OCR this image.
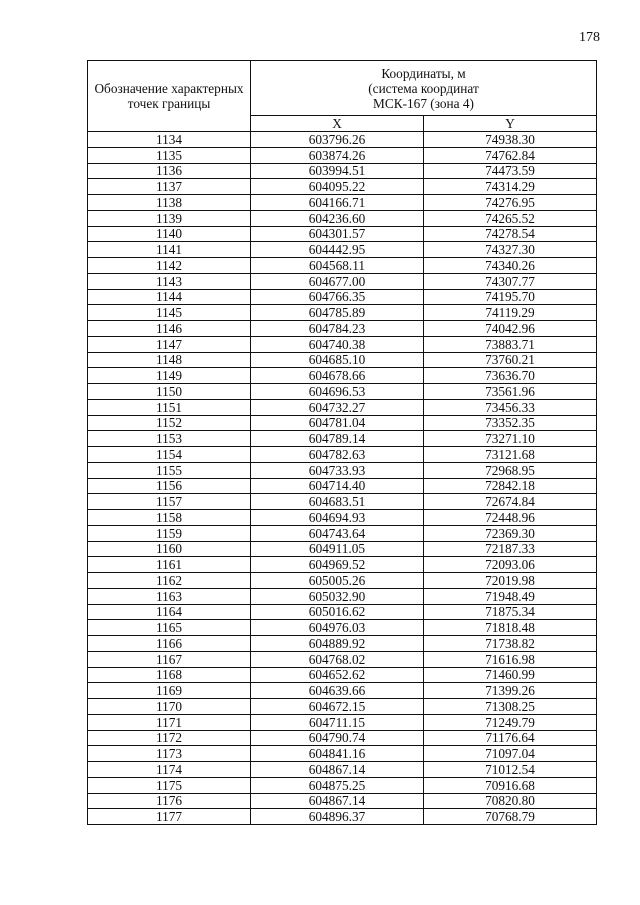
178
Обозначение характерных точек границы	Координаты, м
(система координат
МСК-167 (зона 4)	

	X	Y
1134	603796.26	74938.30
1135	603874.26	74762.84
1136	603994.51	74473.59
1137	604095.22	74314.29
1138	604166.71	74276.95
1139	604236.60	74265.52
1140	604301.57	74278.54
1141	604442.95	74327.30
1142	604568.11	74340.26
1143	604677.00	74307.77
1144	604766.35	74195.70
1145	604785.89	74119.29
1146	604784.23	74042.96
1147	604740.38	73883.71
1148	604685.10	73760.21
1149	604678.66	73636.70
1150	604696.53	73561.96
1151	604732.27	73456.33
1152	604781.04	73352.35
1153	604789.14	73271.10
1154	604782.63	73121.68
1155	604733.93	72968.95
1156	604714.40	72842.18
1157	604683.51	72674.84
1158	604694.93	72448.96
1159	604743.64	72369.30
1160	604911.05	72187.33
1161	604969.52	72093.06
1162	605005.26	72019.98
1163	605032.90	71948.49
1164	605016.62	71875.34
1165	604976.03	71818.48
1166	604889.92	71738.82
1167	604768.02	71616.98
1168	604652.62	71460.99
1169	604639.66	71399.26
1170	604672.15	71308.25
1171	604711.15	71249.79
1172	604790.74	71176.64
1173	604841.16	71097.04
1174	604867.14	71012.54
1175	604875.25	70916.68
1176	604867.14	70820.80
1177	604896.37	70768.79
